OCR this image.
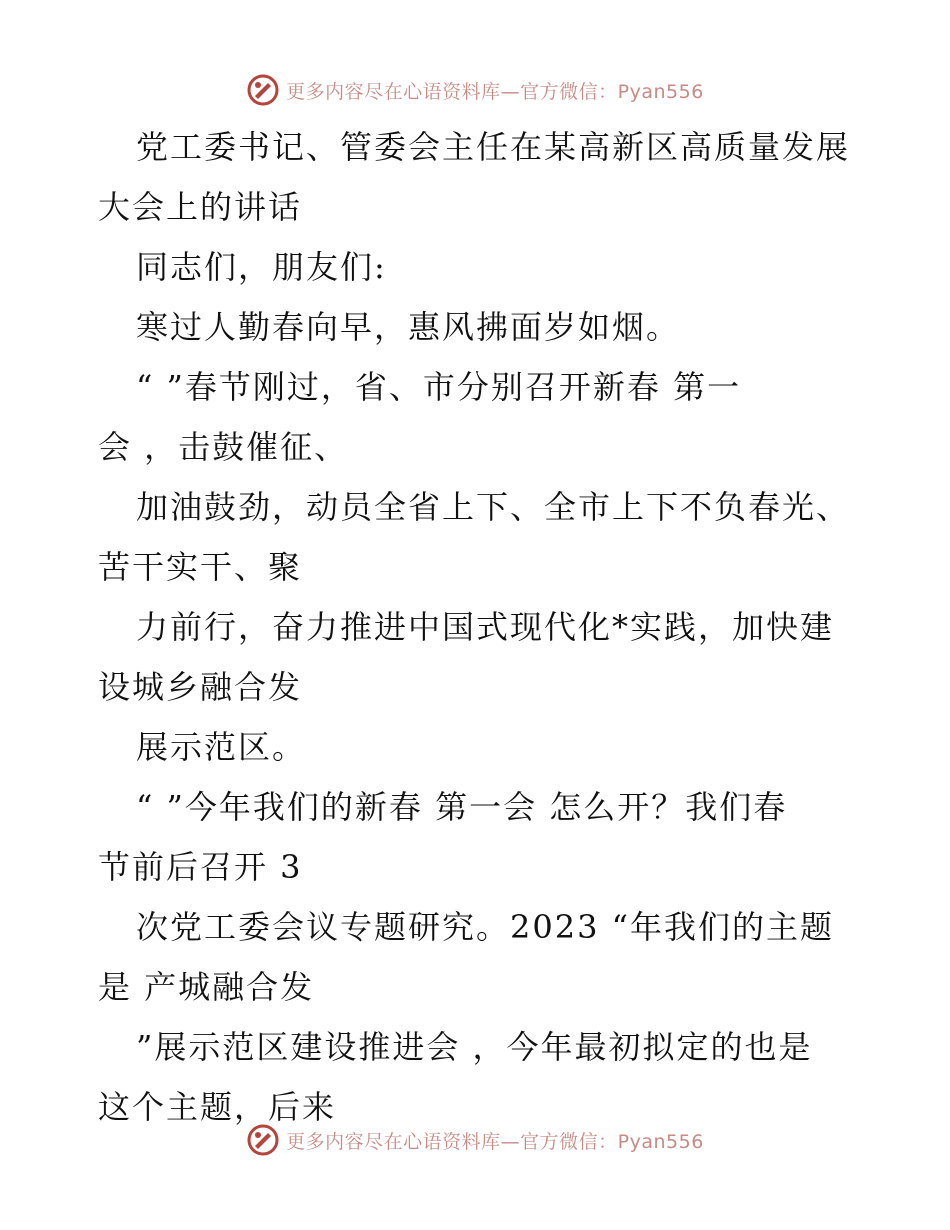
更多内容尽在心语资料库—官方微信：Pyan556

党工委书记、管委会主任在某高新区高质量发展
大会上的讲话

同志们，朋友们:

寒过人勤春向早，惠风拂面岁如烟。

“ ”春节刚过，省、市分别召开新春 第一
会 ，击鼓催征、

加油鼓劲，动员全省上下、全市上下不负春光、
苦干实干、聚

力前行，奋力推进中国式现代化*实践，加快建
设城乡融合发

展示范区。

“ ”今年我们的新春 第一会 怎么开？我们春
节前后召开 3

次党工委会议专题研究。2023 “年我们的主题
是 产城融合发

”展示范区建设推进会 ，今年最初拟定的也是
这个主题，后来

更多内容尽在心语资料库—官方微信：Pyan556
